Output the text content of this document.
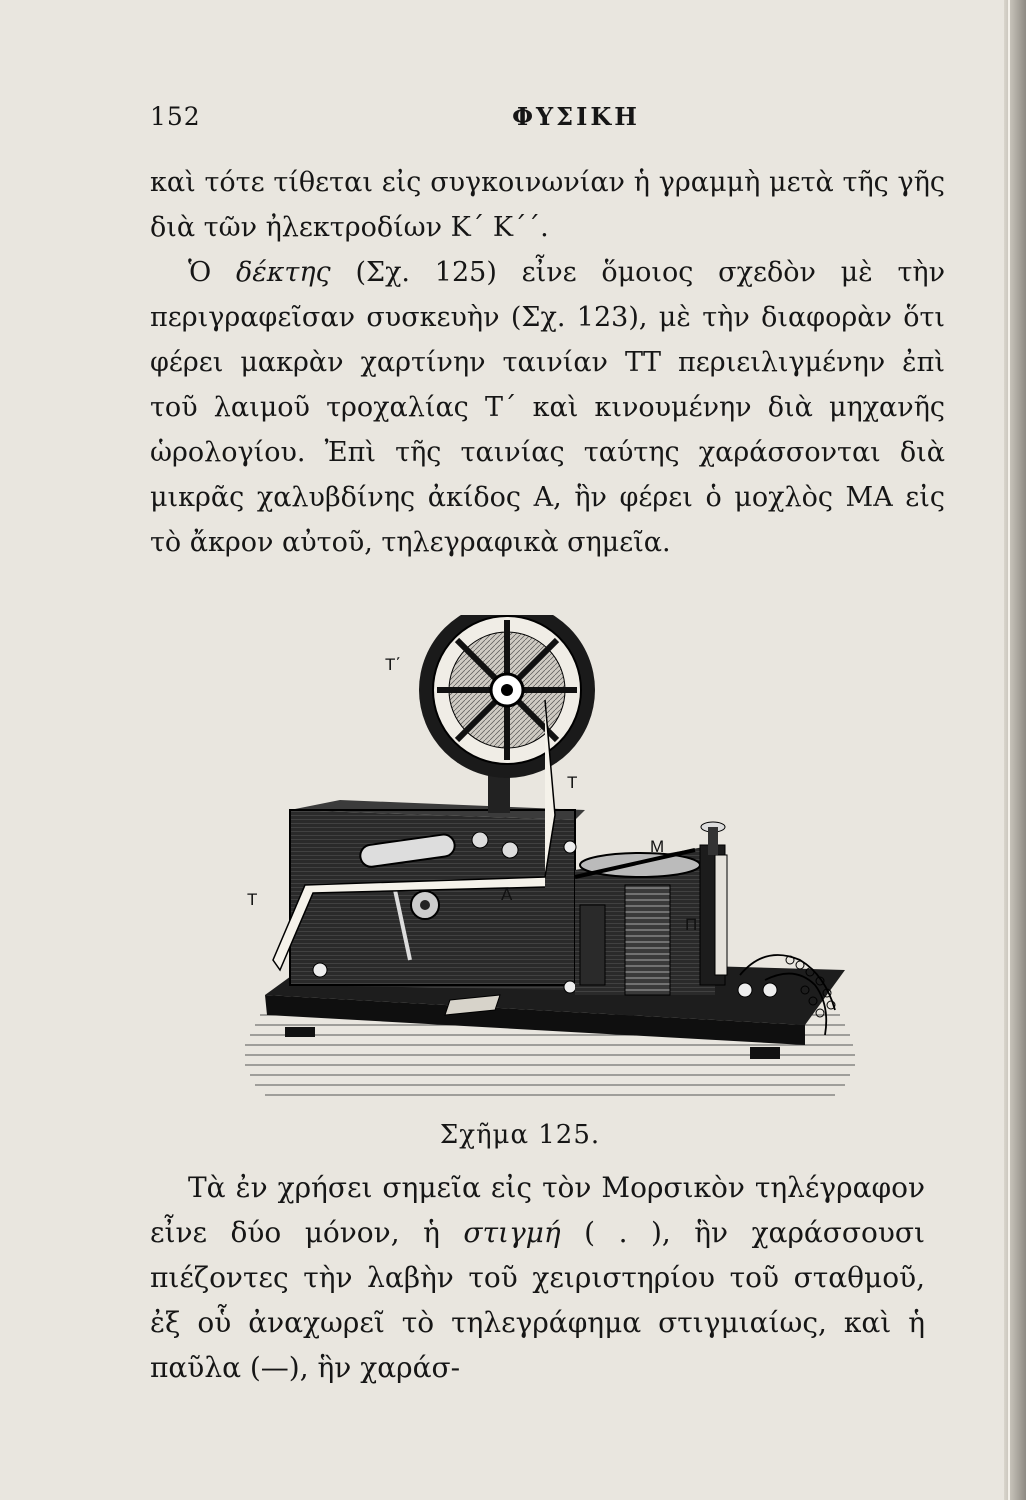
152	ΦΥΣΙΚΗ

καὶ τότε τίθεται εἰς συγκοινωνίαν ἡ γραμμὴ μετὰ τῆς γῆς διὰ τῶν ἠλεκτροδίων Κ΄ Κ΄΄.

Ὁ δέκτης (Σχ. 125) εἶνε ὅμοιος σχεδὸν μὲ τὴν περιγραφεῖσαν συσκευὴν (Σχ. 123), μὲ τὴν διαφορὰν ὅτι φέρει μακρὰν χαρτίνην ταινίαν ΤΤ περιειλιγμένην ἐπὶ τοῦ λαιμοῦ τροχαλίας Τ΄ καὶ κινουμένην διὰ μηχανῆς ὡρολογίου. Ἐπὶ τῆς ταινίας ταύτης χαράσσονται διὰ μικρᾶς χαλυβδίνης ἀκίδος Α, ἣν φέρει ὁ μοχλὸς ΜΑ εἰς τὸ ἄκρον αὐτοῦ, τηλεγραφικὰ σημεῖα.

Τ΄
Τ
Τ
Μ
Α
Π
Σχῆμα 125.

Τὰ ἐν χρήσει σημεῖα εἰς τὸν Μορσικὸν τηλέγραφον εἶνε δύο μόνον, ἡ στιγμή ( . ), ἣν χαράσσουσι πιέζοντες τὴν λαβὴν τοῦ χειριστηρίου τοῦ σταθμοῦ, ἐξ οὗ ἀναχωρεῖ τὸ τηλεγράφημα στιγμιαίως, καὶ ἡ παῦλα (—), ἣν χαράσ-
